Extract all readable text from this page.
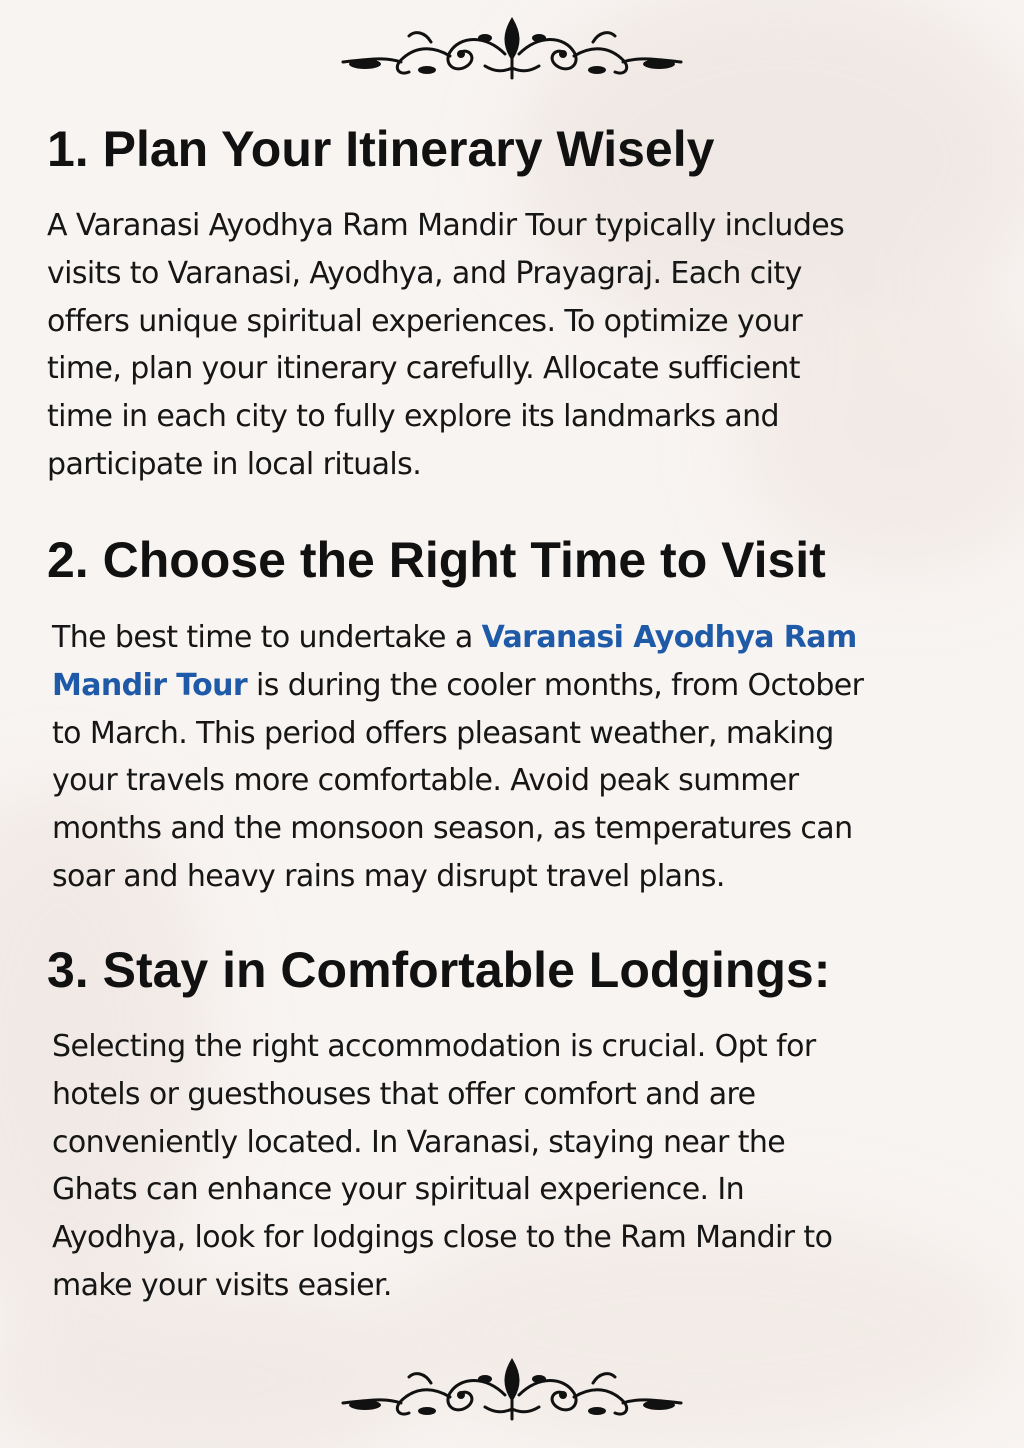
1. Plan Your Itinerary Wisely

A Varanasi Ayodhya Ram Mandir Tour typically includes
visits to Varanasi, Ayodhya, and Prayagraj. Each city
offers unique spiritual experiences. To optimize your
time, plan your itinerary carefully. Allocate sufficient
time in each city to fully explore its landmarks and
participate in local rituals.

2. Choose the Right Time to Visit

The best time to undertake a Varanasi Ayodhya Ram
Mandir Tour is during the cooler months, from October
to March. This period offers pleasant weather, making
your travels more comfortable. Avoid peak summer
months and the monsoon season, as temperatures can
soar and heavy rains may disrupt travel plans.

3. Stay in Comfortable Lodgings:

Selecting the right accommodation is crucial. Opt for
hotels or guesthouses that offer comfort and are
conveniently located. In Varanasi, staying near the
Ghats can enhance your spiritual experience. In
Ayodhya, look for lodgings close to the Ram Mandir to
make your visits easier.
